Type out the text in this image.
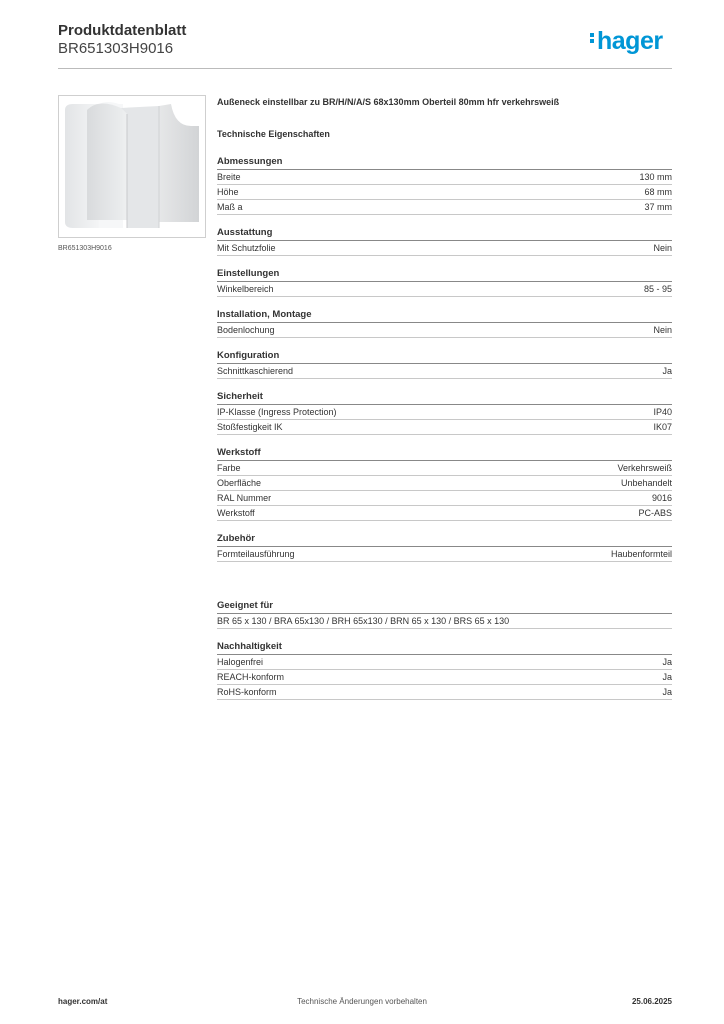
Produktdatenblatt
BR651303H9016	hager
BR651303H9016
Außeneck einstellbar zu BR/H/N/A/S 68x130mm Oberteil 80mm hfr verkehrsweiß
Technische Eigenschaften
Abmessungen
Breite	130 mm
Höhe	68 mm
Maß a	37 mm
Ausstattung
Mit Schutzfolie	Nein
Einstellungen
Winkelbereich	85 - 95
Installation, Montage
Bodenlochung	Nein
Konfiguration
Schnittkaschierend	Ja
Sicherheit
IP-Klasse (Ingress Protection)	IP40
Stoßfestigkeit IK	IK07
Werkstoff
Farbe	Verkehrsweiß
Oberfläche	Unbehandelt
RAL Nummer	9016
Werkstoff	PC-ABS
Zubehör
Formteilausführung	Haubenformteil
Geeignet für
BR 65 x 130 / BRA 65x130 / BRH 65x130 / BRN 65 x 130 / BRS 65 x 130
Nachhaltigkeit
Halogenfrei	Ja
REACH-konform	Ja
RoHS-konform	Ja
hager.com/at	Technische Änderungen vorbehalten	25.06.2025
